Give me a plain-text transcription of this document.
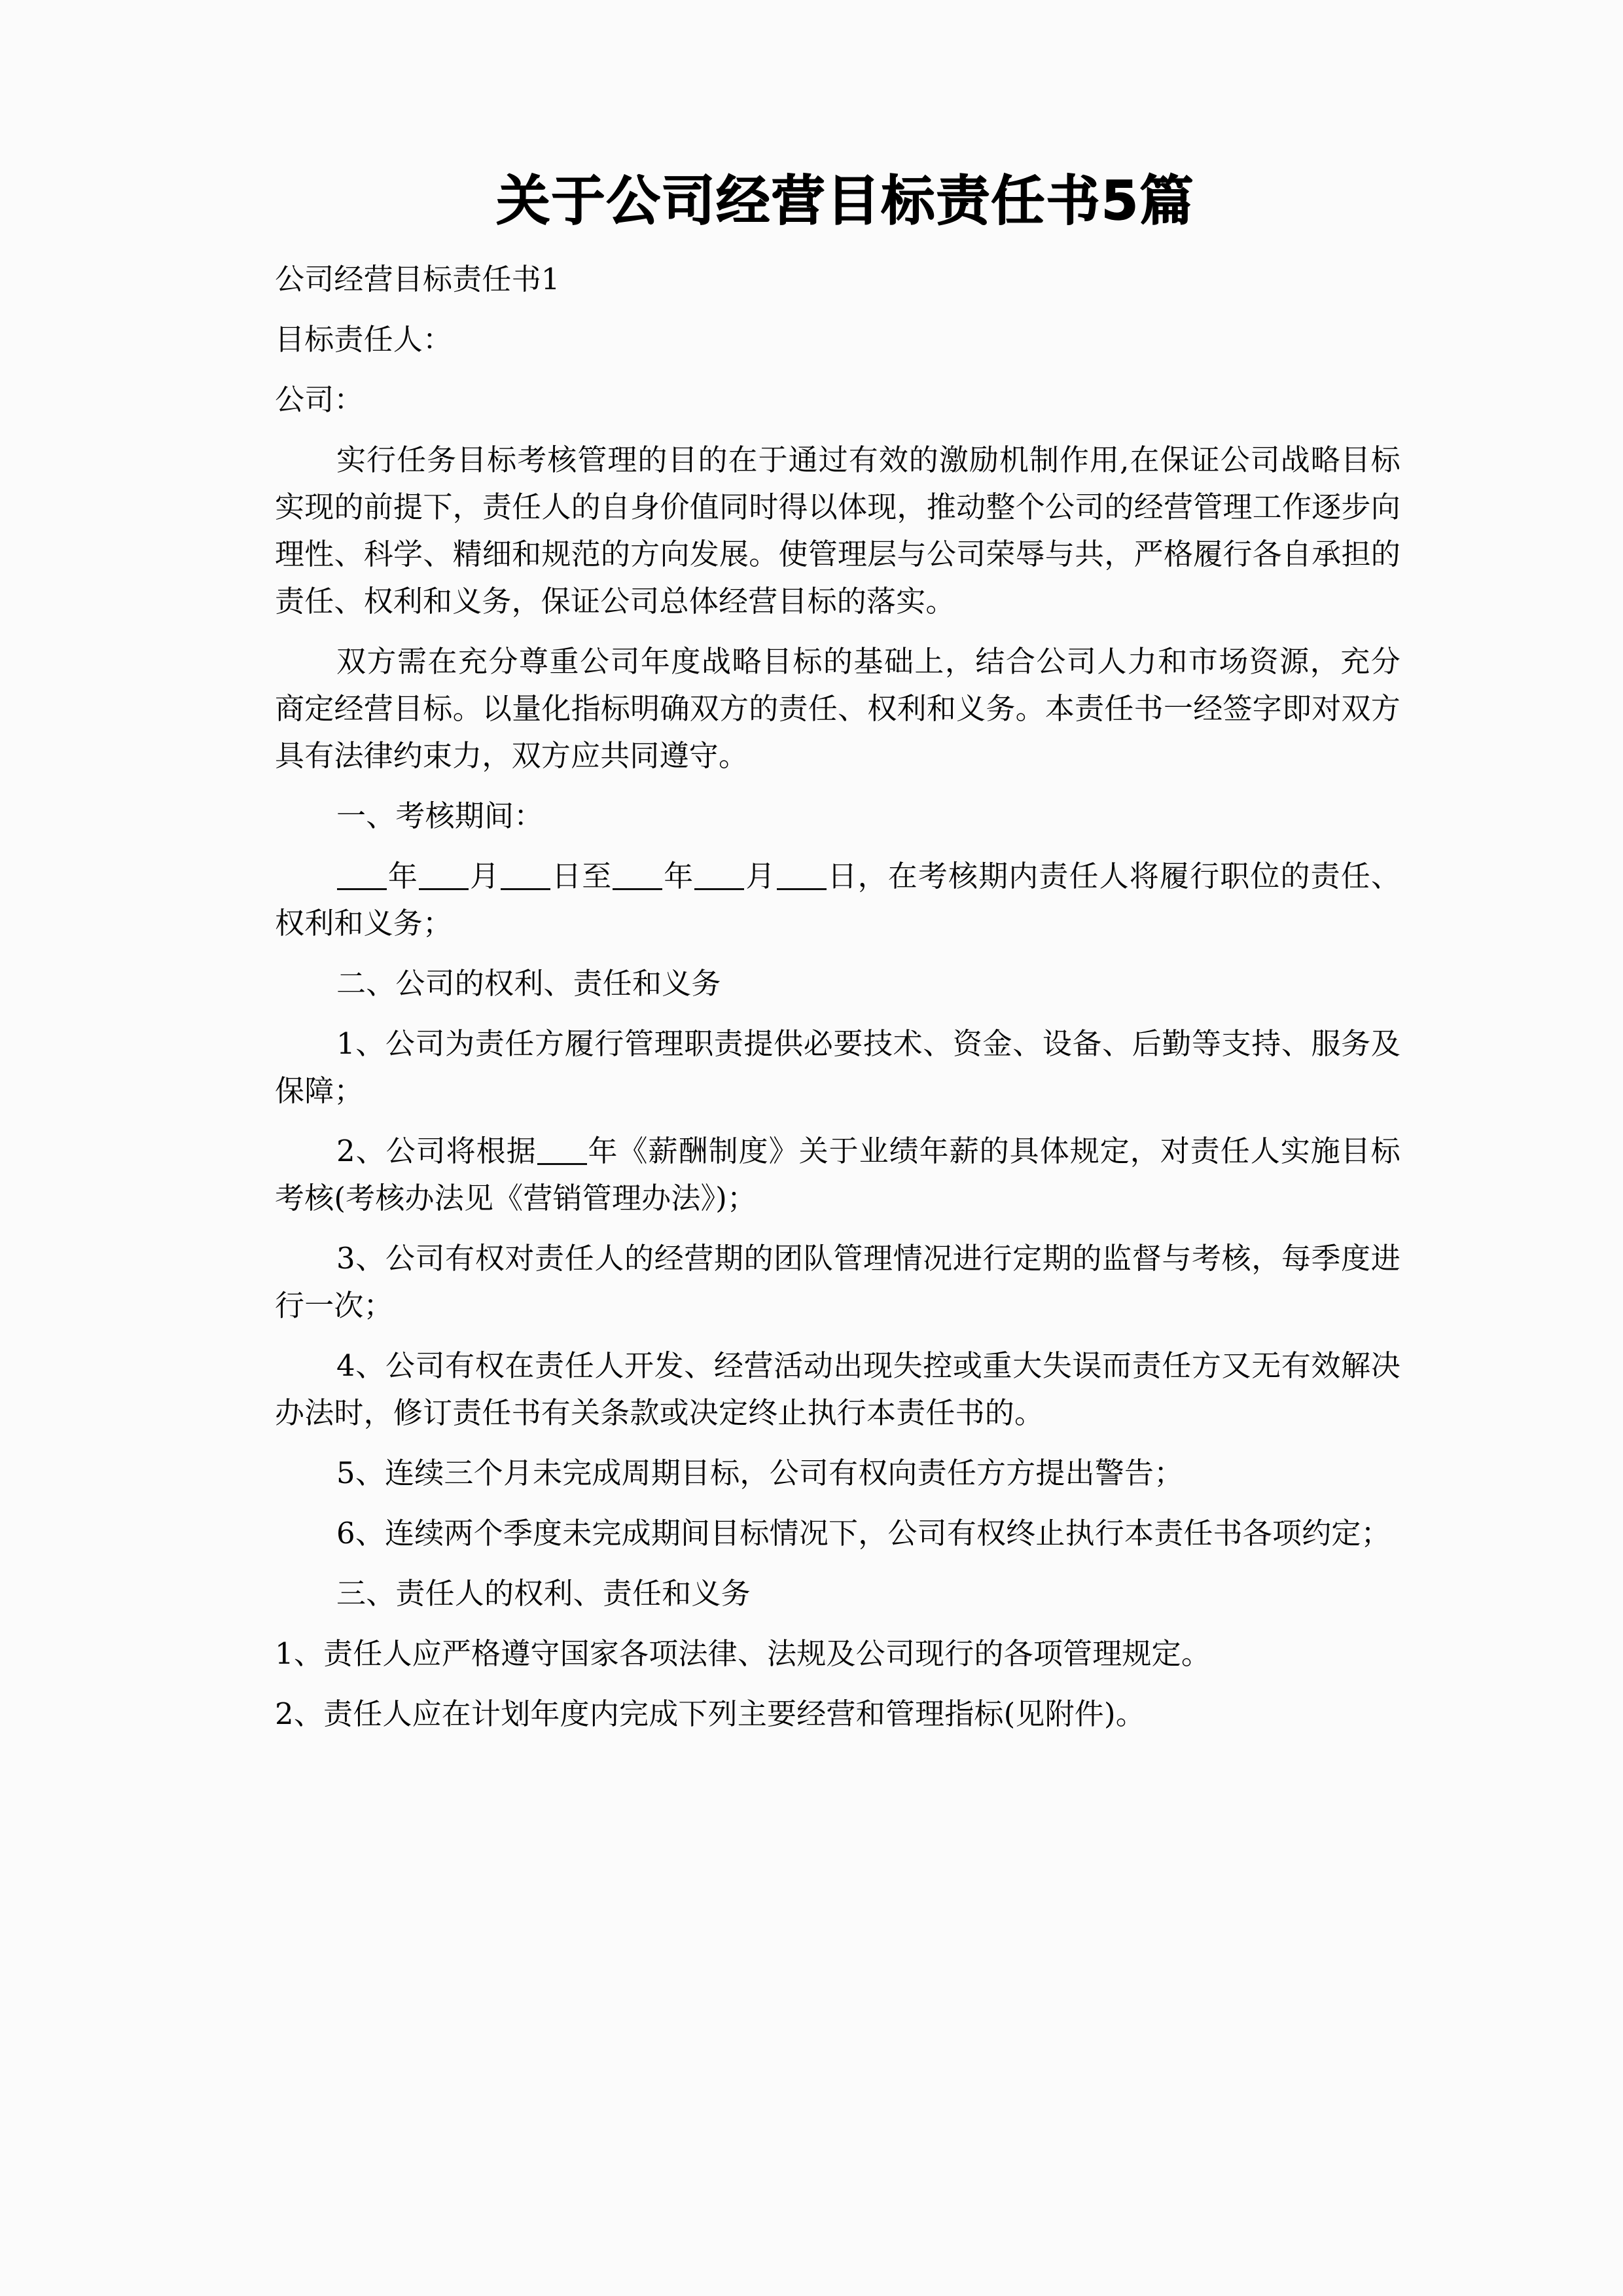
关于公司经营目标责任书5篇

公司经营目标责任书1

目标责任人：

公司：

实行任务目标考核管理的目的在于通过有效的激励机制作用,在保证公司战略目标实现的前提下，责任人的自身价值同时得以体现，推动整个公司的经营管理工作逐步向理性、科学、精细和规范的方向发展。使管理层与公司荣辱与共，严格履行各自承担的责任、权利和义务，保证公司总体经营目标的落实。

双方需在充分尊重公司年度战略目标的基础上，结合公司人力和市场资源，充分商定经营目标。以量化指标明确双方的责任、权利和义务。本责任书一经签字即对双方具有法律约束力，双方应共同遵守。

一、考核期间：

年 月 日至 年 月 日，在考核期内责任人将履行职位的责任、权利和义务；

二、公司的权利、责任和义务

1、公司为责任方履行管理职责提供必要技术、资金、设备、后勤等支持、服务及保障；

2、公司将根据 年《薪酬制度》关于业绩年薪的具体规定，对责任人实施目标考核(考核办法见《营销管理办法》)；

3、公司有权对责任人的经营期的团队管理情况进行定期的监督与考核，每季度进行一次；

4、公司有权在责任人开发、经营活动出现失控或重大失误而责任方又无有效解决办法时，修订责任书有关条款或决定终止执行本责任书的。

5、连续三个月未完成周期目标，公司有权向责任方方提出警告；

6、连续两个季度未完成期间目标情况下，公司有权终止执行本责任书各项约定；

三、责任人的权利、责任和义务

1、责任人应严格遵守国家各项法律、法规及公司现行的各项管理规定。

2、责任人应在计划年度内完成下列主要经营和管理指标(见附件)。
